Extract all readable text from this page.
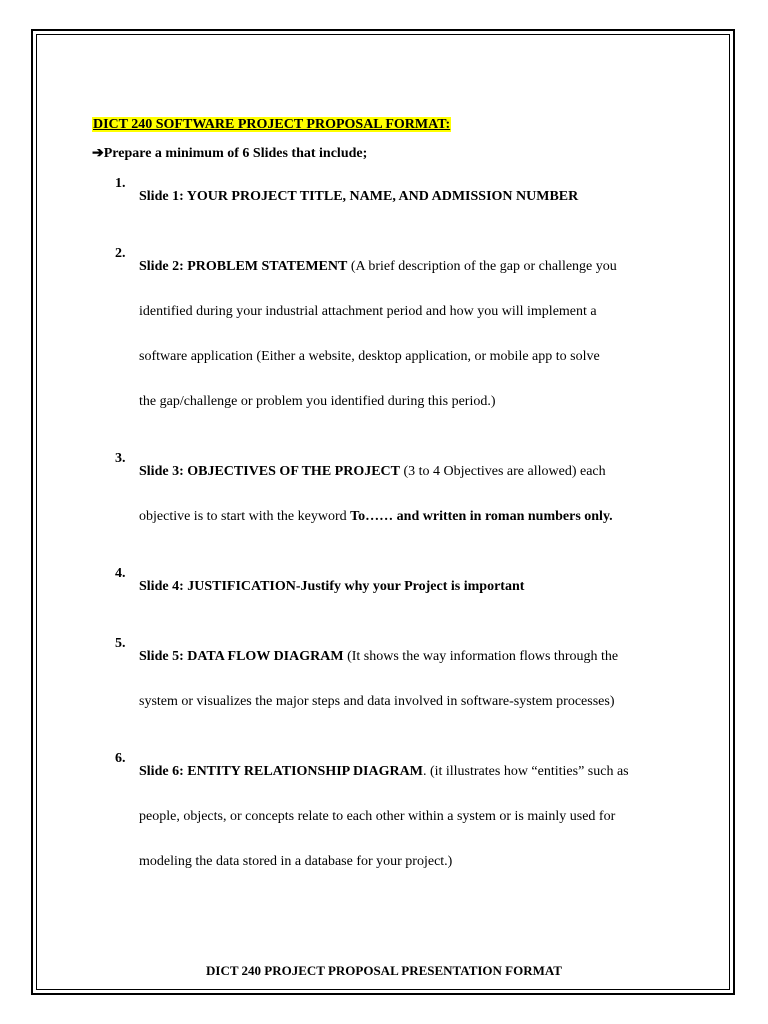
DICT 240 SOFTWARE PROJECT PROPOSAL FORMAT:
➔Prepare a minimum of 6 Slides that include;
1.
Slide 1: YOUR PROJECT TITLE, NAME, AND ADMISSION NUMBER
2.
Slide 2: PROBLEM STATEMENT (A brief description of the gap or challenge you
identified during your industrial attachment period and how you will implement a
software application (Either a website, desktop application, or mobile app to solve
the gap/challenge or problem you identified during this period.)
3.
Slide 3: OBJECTIVES OF THE PROJECT (3 to 4 Objectives are allowed) each
objective is to start with the keyword To…… and written in roman numbers only.
4.
Slide 4: JUSTIFICATION-Justify why your Project is important
5.
Slide 5: DATA FLOW DIAGRAM (It shows the way information flows through the
system or visualizes the major steps and data involved in software-system processes)
6.
Slide 6: ENTITY RELATIONSHIP DIAGRAM. (it illustrates how “entities” such as
people, objects, or concepts relate to each other within a system or is mainly used for
modeling the data stored in a database for your project.)
DICT 240 PROJECT PROPOSAL PRESENTATION FORMAT
